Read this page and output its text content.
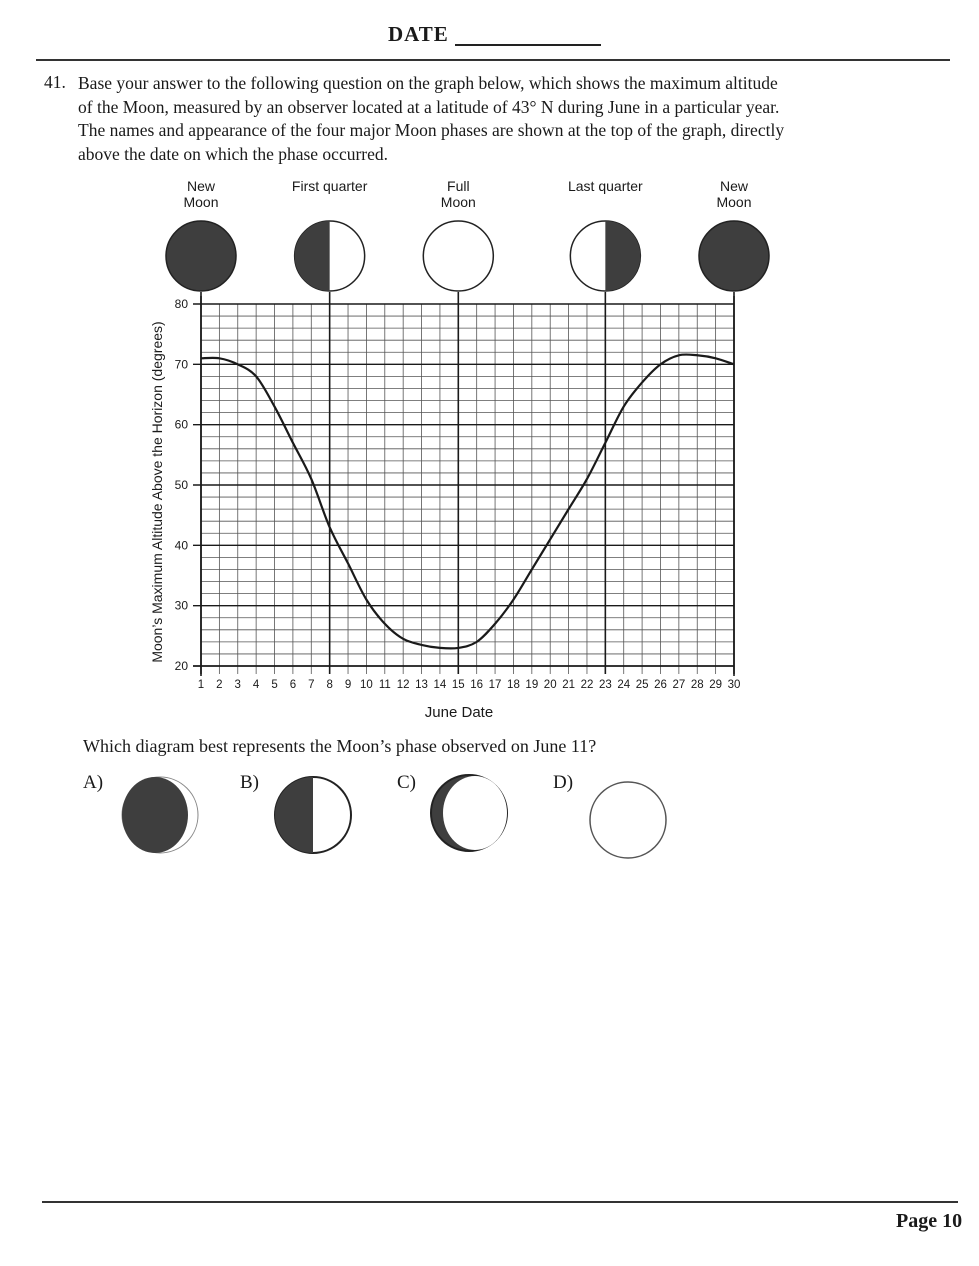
DATE
41. Base your answer to the following question on the graph below, which shows the maximum altitude
of the Moon, measured by an observer located at a latitude of 43° N during June in a particular year.
The names and appearance of the four major Moon phases are shown at the top of the graph, directly
above the date on which the phase occurred.
New
Moon
First quarter	Full
Moon
Last quarter	New
Moon
1 2 3 4 5 6 7 8 9 10 11 12 13 14 15 16 17 18 19 20 21 22 23 24 25 26 27 28 29 30
20
30
40
50
60
70
80
Moon’s Maximum Altitude Above the Horizon (degrees)
June Date
Which diagram best represents the Moon’s phase observed on June 11?
A)	B)	C)	D)
Page 10
